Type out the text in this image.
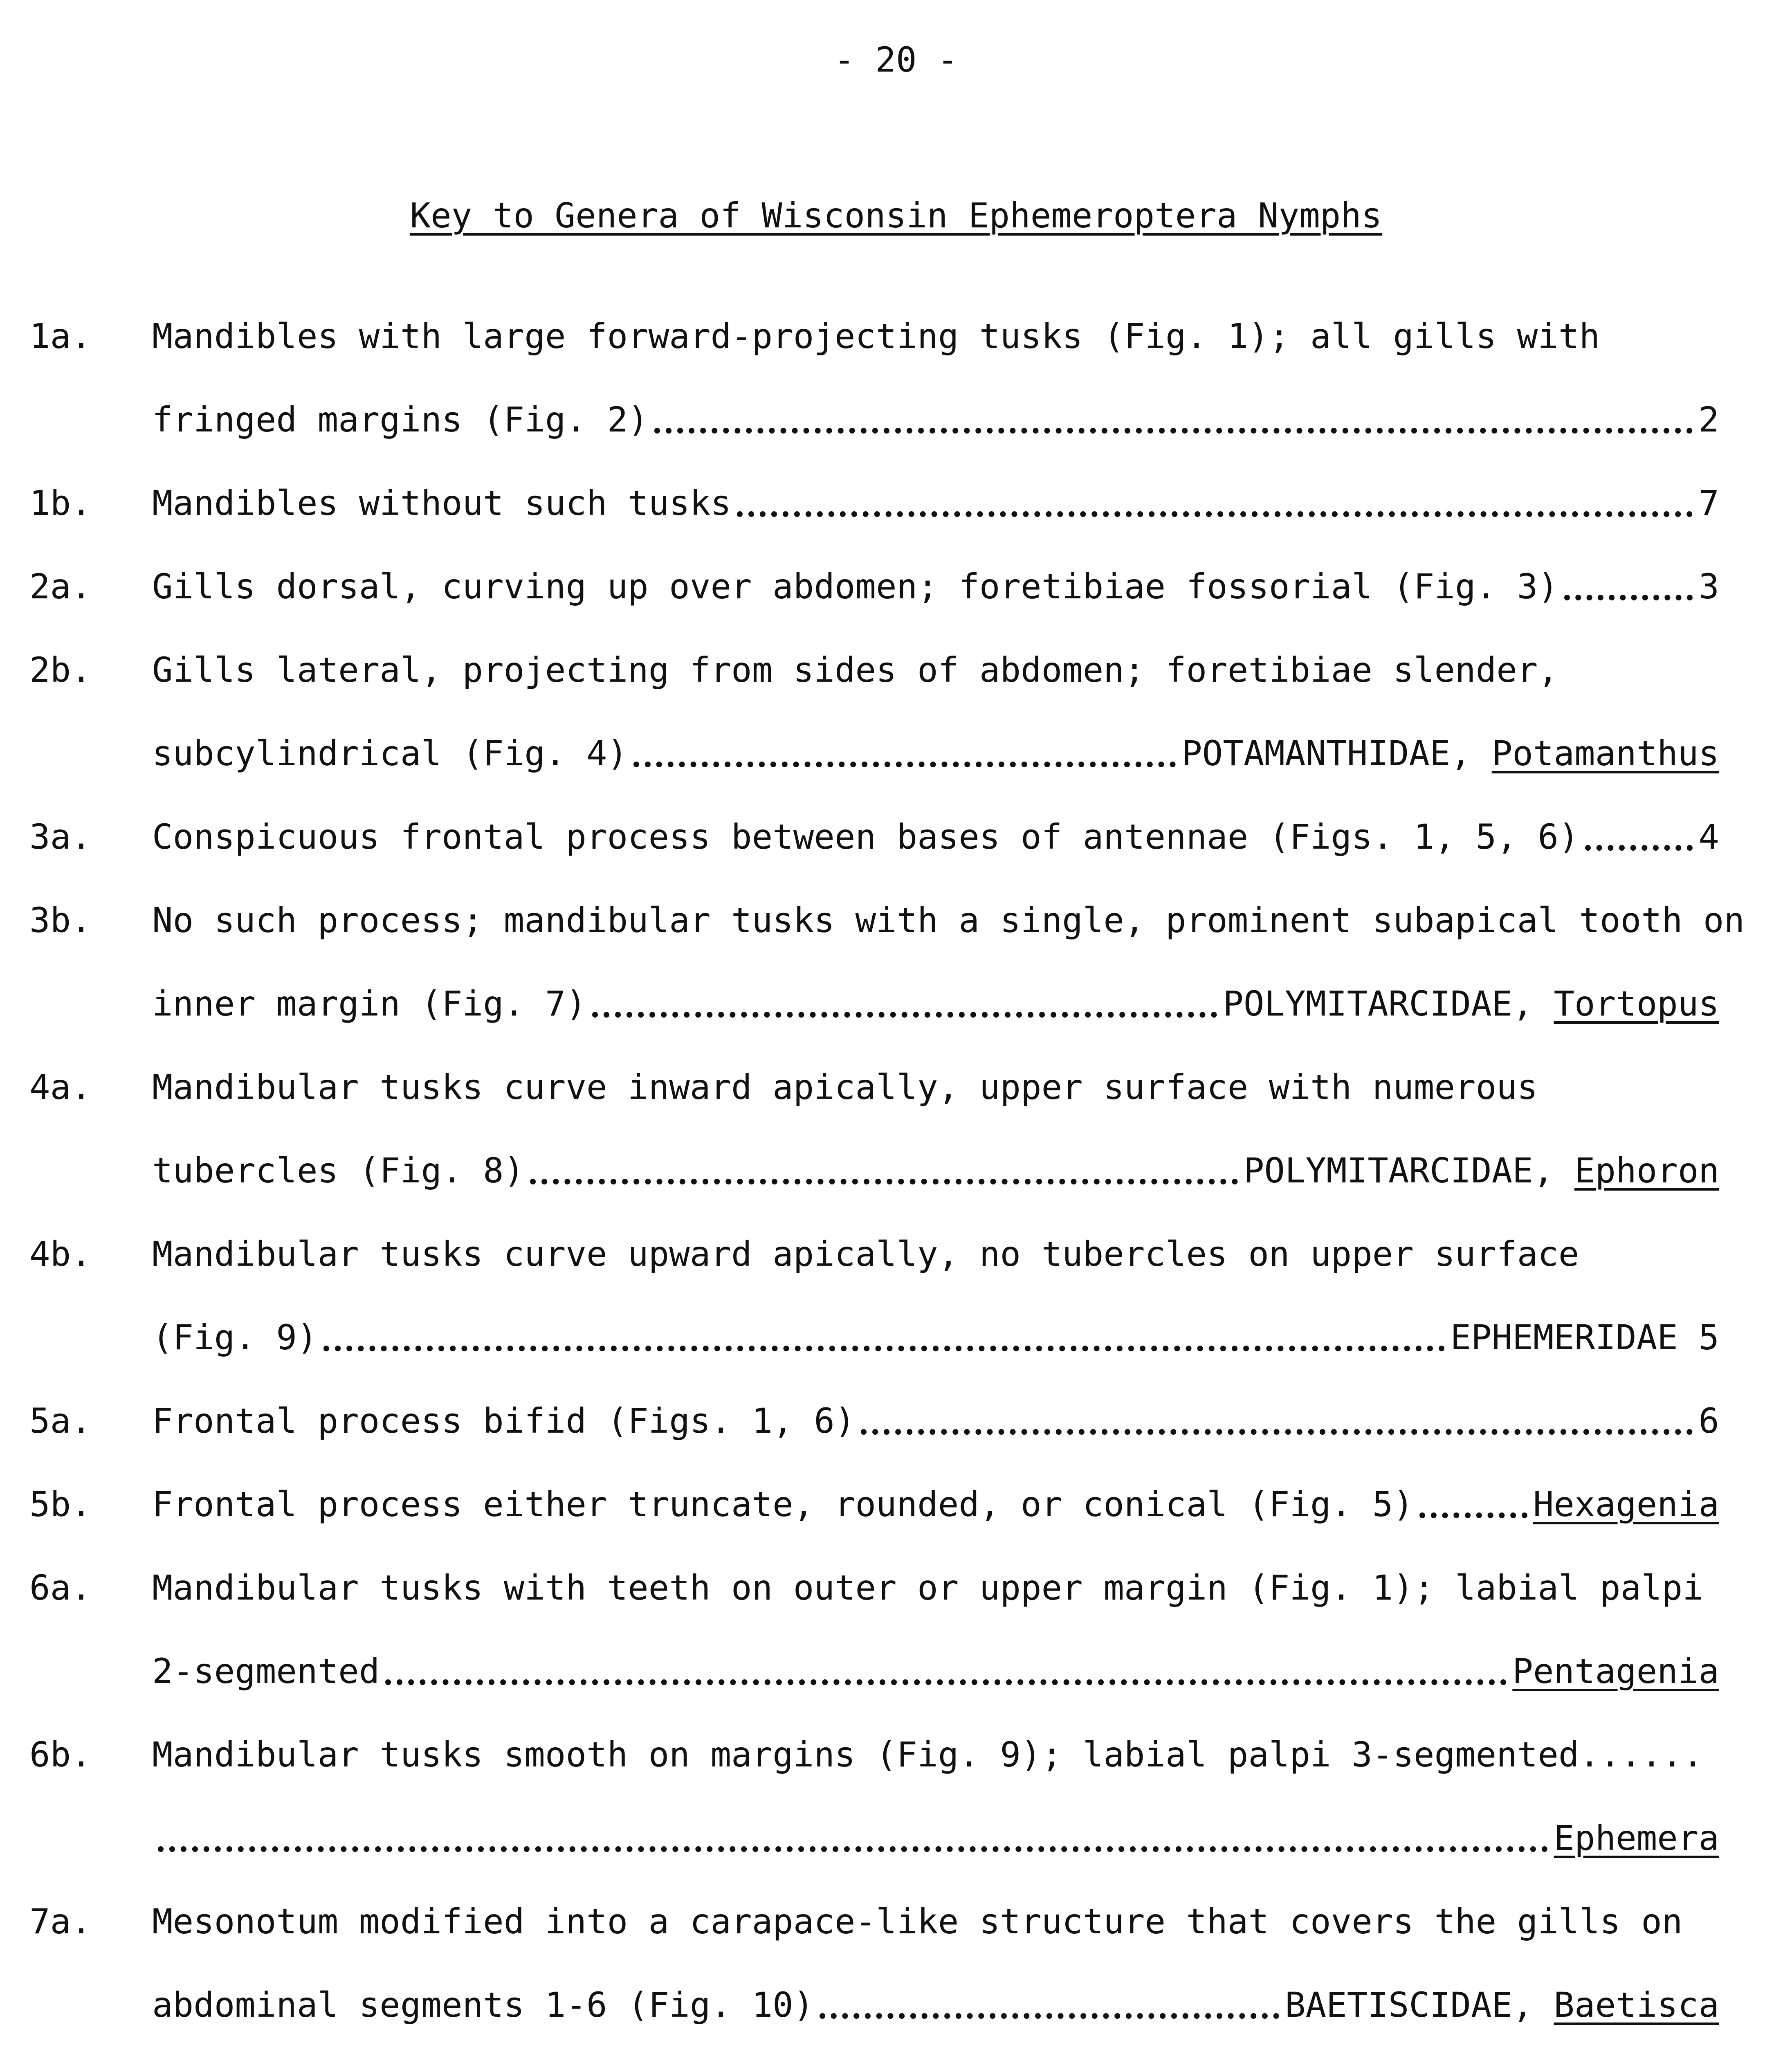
- 20 -
Key to Genera of Wisconsin Ephemeroptera Nymphs
1a. Mandibles with large forward-projecting tusks (Fig. 1); all gills with
fringed margins (Fig. 2)	2
1b. Mandibles without such tusks	7
2a. Gills dorsal, curving up over abdomen; foretibiae fossorial (Fig. 3)	3
2b. Gills lateral, projecting from sides of abdomen; foretibiae slender,
subcylindrical (Fig. 4)	POTAMANTHIDAE, Potamanthus
3a. Conspicuous frontal process between bases of antennae (Figs. 1, 5, 6)	4
3b. No such process; mandibular tusks with a single, prominent subapical tooth on
inner margin (Fig. 7)	POLYMITARCIDAE, Tortopus
4a. Mandibular tusks curve inward apically, upper surface with numerous
tubercles (Fig. 8)	POLYMITARCIDAE, Ephoron
4b. Mandibular tusks curve upward apically, no tubercles on upper surface
(Fig. 9)	EPHEMERIDAE 5
5a. Frontal process bifid (Figs. 1, 6)	6
5b. Frontal process either truncate, rounded, or conical (Fig. 5)	Hexagenia
6a. Mandibular tusks with teeth on outer or upper margin (Fig. 1); labial palpi
2-segmented	Pentagenia
6b. Mandibular tusks smooth on margins (Fig. 9); labial palpi 3-segmented......
Ephemera
7a. Mesonotum modified into a carapace-like structure that covers the gills on
abdominal segments 1-6 (Fig. 10)	BAETISCIDAE, Baetisca
